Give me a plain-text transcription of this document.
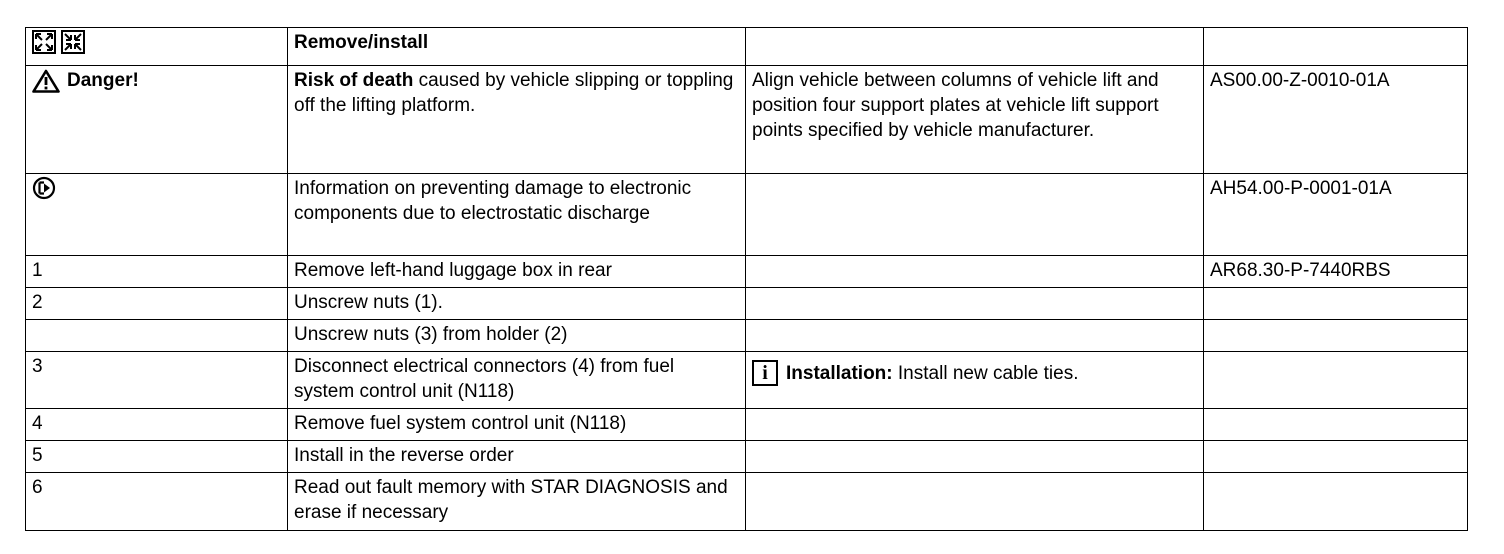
	Remove/install		

Danger!	Risk of death caused by vehicle slipping or toppling off the lifting platform.	Align vehicle between columns of vehicle lift and position four support plates at vehicle lift support points specified by vehicle manufacturer.	AS00.00-Z-0010-01A
	Information on preventing damage to electronic components due to electrostatic discharge		AH54.00-P-0001-01A
1	Remove left-hand luggage box in rear		AR68.30-P-7440RBS
2	Unscrew nuts (1).		
	Unscrew nuts (3) from holder (2)		
3	Disconnect electrical connectors (4) from fuel system control unit (N118)	i Installation: Install new cable ties.	

4	Remove fuel system control unit (N118)		
5	Install in the reverse order		
6	Read out fault memory with STAR DIAGNOSIS and erase if necessary		
